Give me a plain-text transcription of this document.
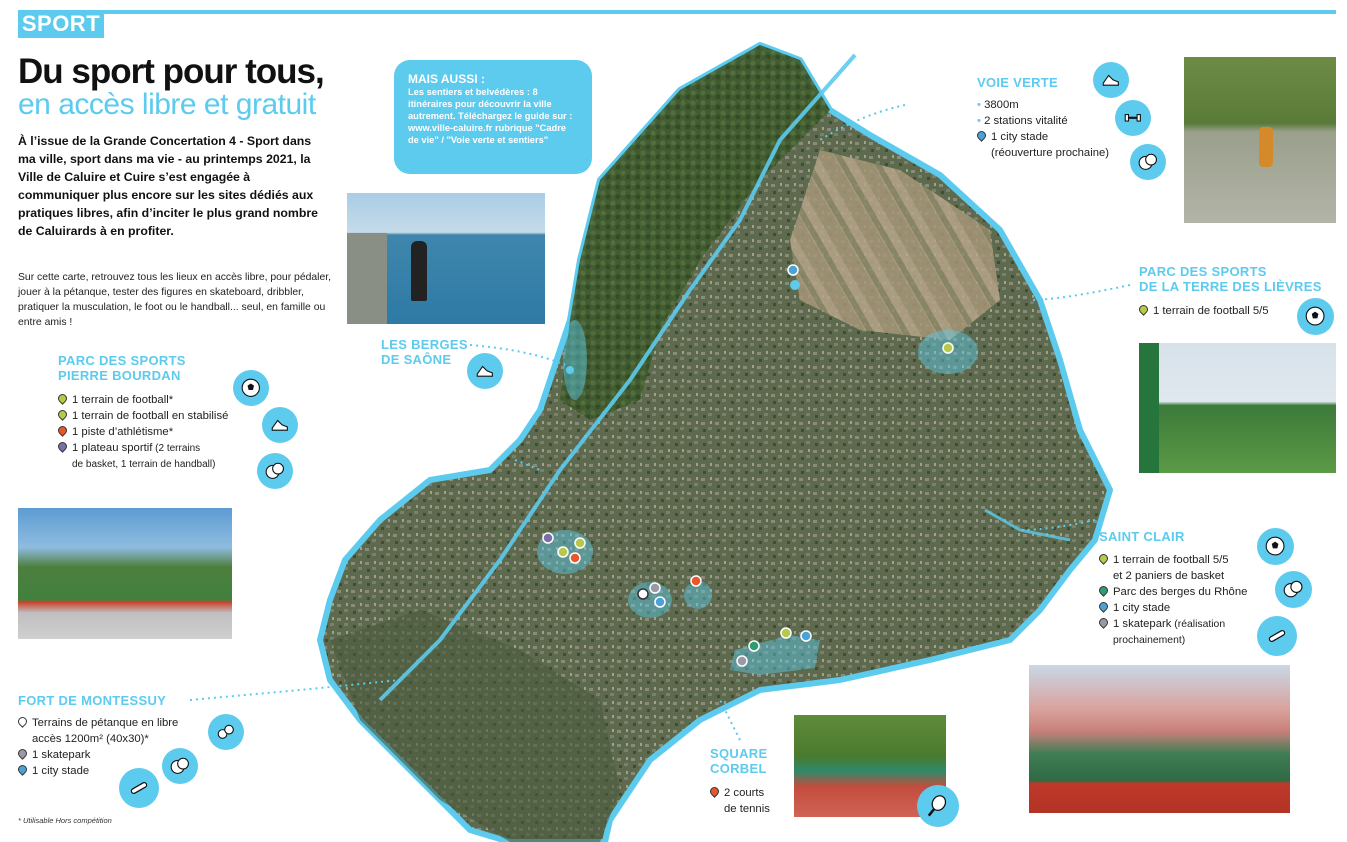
SPORT
Du sport pour tous,
en accès libre et gratuit
À l’issue de la Grande Concertation 4 - Sport dans ma ville, sport dans ma vie - au printemps 2021, la Ville de Caluire et Cuire s’est engagée à communiquer plus encore sur les sites dédiés aux pratiques libres, afin d’inciter le plus grand nombre de Caluirards à en profiter.
Sur cette carte, retrouvez tous les lieux en accès libre, pour pédaler, jouer à la pétanque, tester des figures en skateboard, dribbler, pratiquer la musculation, le foot ou le handball... seul, en famille ou entre amis !
* Utilisable Hors compétition
MAIS AUSSI :
Les sentiers et belvédères : 8 itinéraires pour découvrir la ville autrement. Téléchargez le guide sur : www.ville-caluire.fr rubrique "Cadre de vie" / "Voie verte et sentiers"
PARC DES SPORTS
PIERRE BOURDAN
1 terrain de football*
1 terrain de football en stabilisé
1 piste d’athlétisme*
1 plateau sportif (2 terrains
de basket, 1 terrain de handball)
LES BERGES
DE SAÔNE
VOIE VERTE
• 3800m
• 2 stations vitalité
1 city stade
(réouverture prochaine)
PARC DES SPORTS
DE LA TERRE DES LIÈVRES
1 terrain de football 5/5
SAINT CLAIR
1 terrain de football 5/5
et 2 paniers de basket
Parc des berges du Rhône
1 city stade
1 skatepark (réalisation
prochainement)
FORT DE MONTESSUY
Terrains de pétanque en libre
accès 1200m² (40x30)*
1 skatepark
1 city stade
SQUARE
CORBEL
2 courts
de tennis
